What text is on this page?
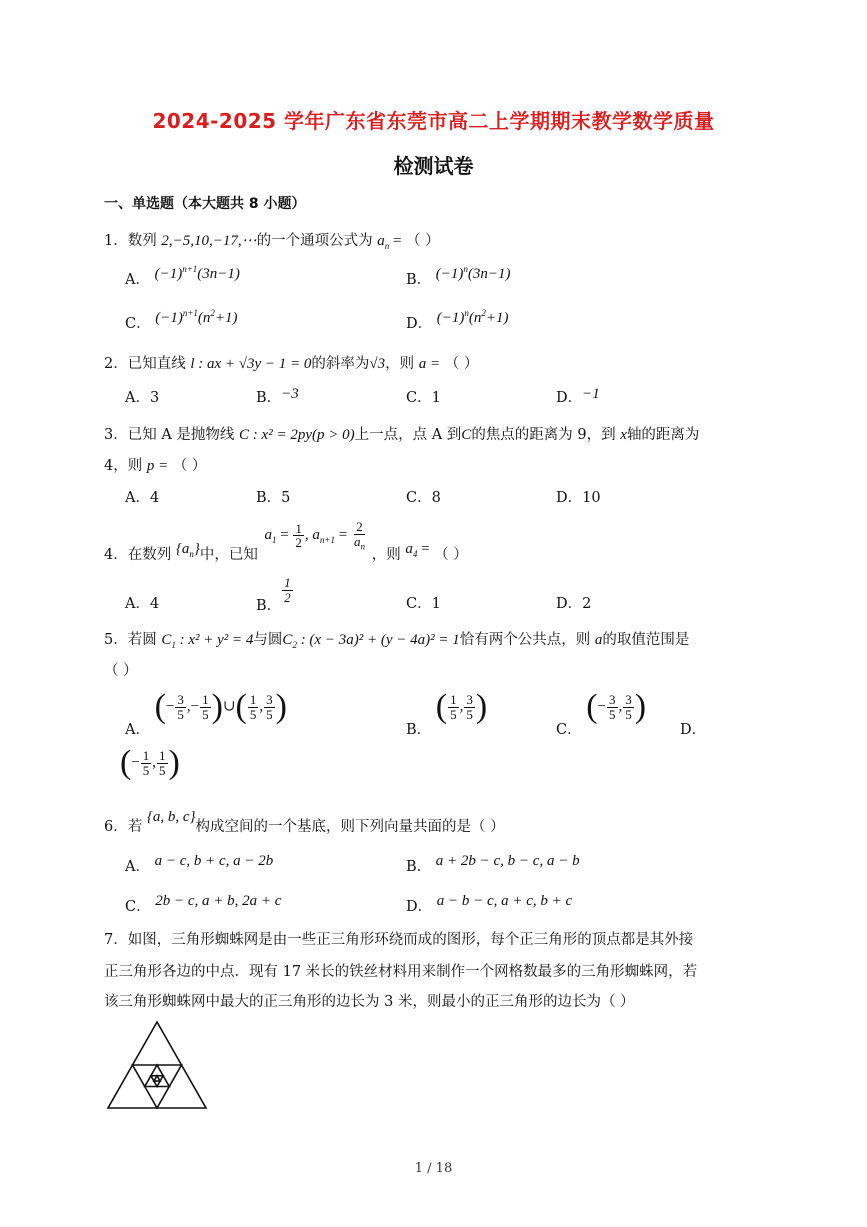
2024-2025 学年广东省东莞市高二上学期期末教学数学质量
检测试卷
一、单选题（本大题共 8 小题）
1．数列 2,−5,10,−17,⋯的一个通项公式为 $a_n$ = （ ）
A． $(-1)^{n+1}(3n-1)$	B． $(-1)^n(3n-1)$
C． $(-1)^{n+1}(n^2+1)$	D． $(-1)^n(n^2+1)$
2．已知直线 l : ax + √3y − 1 = 0的斜率为√3，则 a = （ ）
A．3	B．−3	C．1	D．−1
3．已知 A 是抛物线 C : x² = 2py(p > 0)上一点，点 A 到C的焦点的距离为 9，到 x轴的距离为
4，则 p = （ ）
A．4	B．5	C．8	D．10
4．在数列 $\{a_n\}$中，已知 $a_1 = \frac{1}{2}$ , $a_{n+1} = \frac{2}{a_n}$
，则 $a_4$ = （ ）
A．4	B．
$\frac{1}{2}$	C．1	D．2
5．若圆 $C_1$ : x² + y² = 4与圆$C_2$ : (x − 3a)² + (y − 4a)² = 1恰有两个公共点，则 a的取值范围是
（ ）
A． (− $\frac{3}{5}$ ,− $\frac{1}{5}$ )∪( $\frac{1}{5}$ , $\frac{3}{5}$ )
B． ( $\frac{1}{5}$ , $\frac{3}{5}$ )
C． (− $\frac{3}{5}$ , $\frac{3}{5}$ )
D．
(− $\frac{1}{5}$ , $\frac{1}{5}$ )
6．若 {a, b, c}构成空间的一个基底，则下列向量共面的是（ ）
A． a − c, b + c, a − 2b	B． a + 2b − c, b − c, a − b
C． 2b − c, a + b, 2a + c	D． a − b − c, a + c, b + c
7．如图，三角形蜘蛛网是由一些正三角形环绕而成的图形，每个正三角形的顶点都是其外接
正三角形各边的中点．现有 17 米长的铁丝材料用来制作一个网格数最多的三角形蜘蛛网，若
该三角形蜘蛛网中最大的正三角形的边长为 3 米，则最小的正三角形的边长为（ ）
1 / 18
